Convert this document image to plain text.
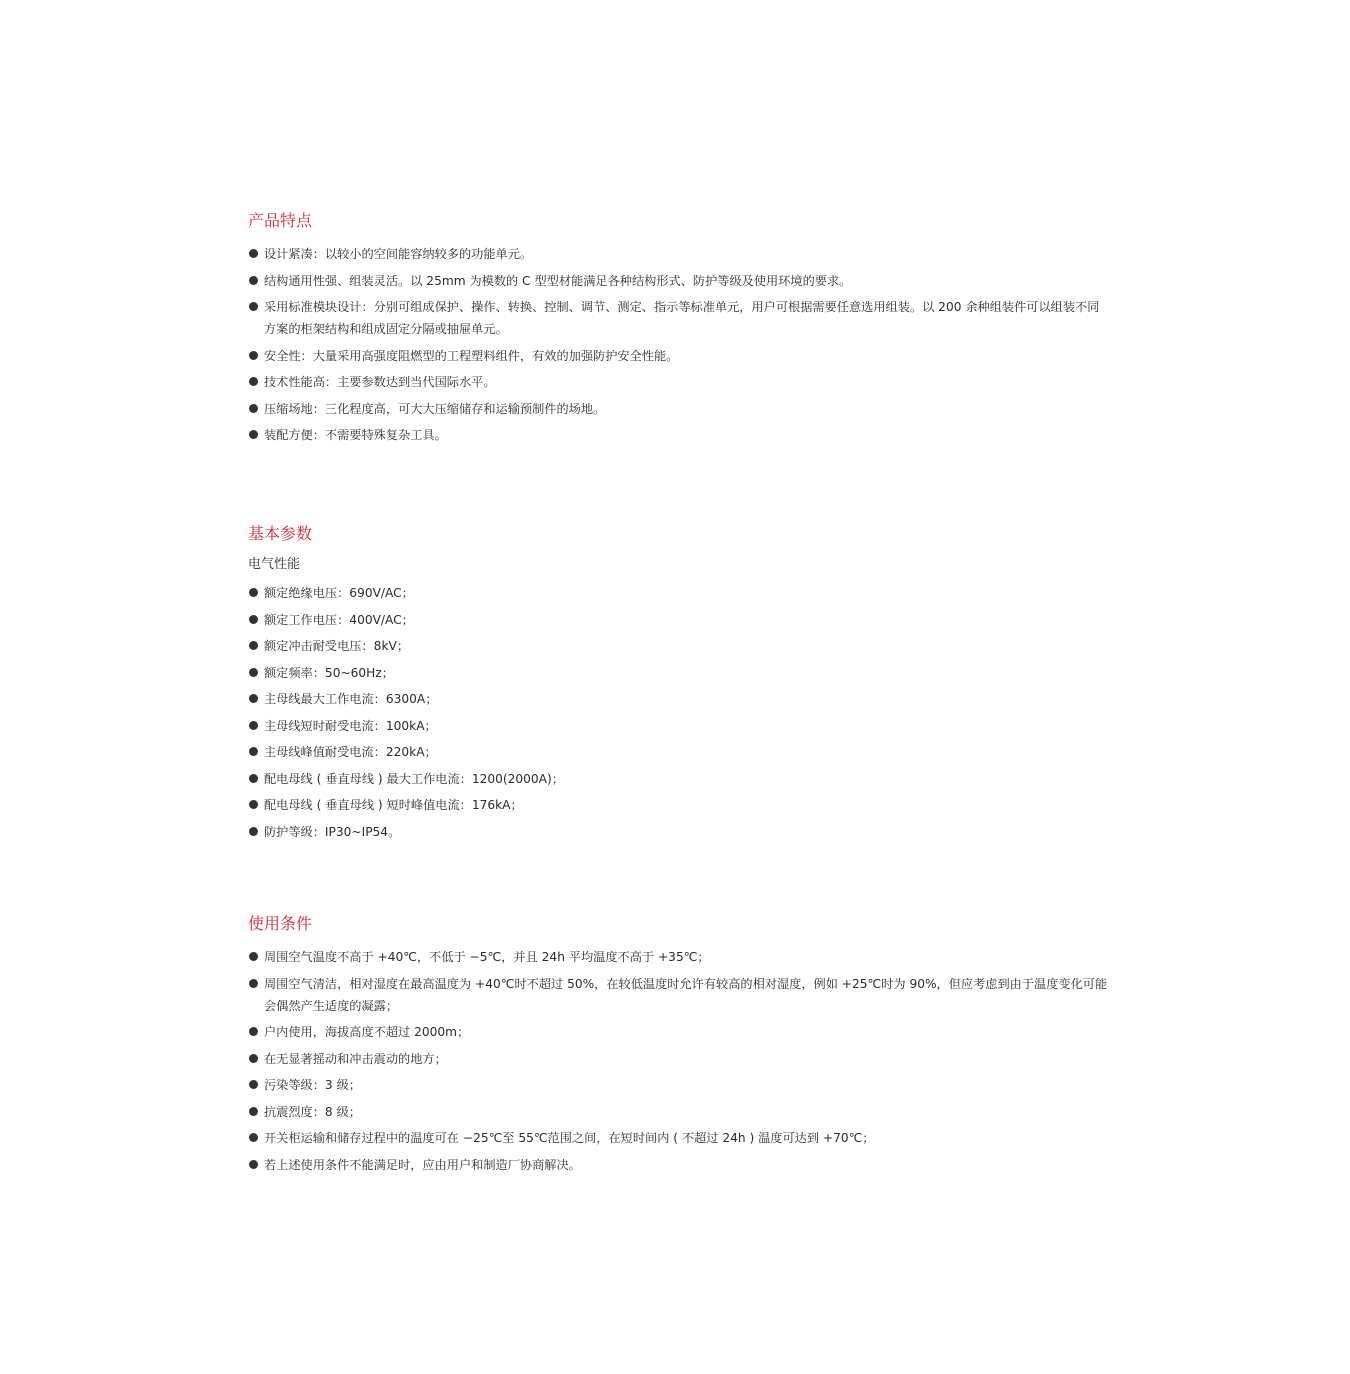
产品特点
设计紧凑：以较小的空间能容纳较多的功能单元。
结构通用性强、组装灵活。以 25mm 为模数的 C 型型材能满足各种结构形式、防护等级及使用环境的要求。
采用标准模块设计：分别可组成保护、操作、转换、控制、调节、测定、指示等标准单元，用户可根据需要任意选用组装。以 200 余种组装件可以组装不同方案的柜架结构和组成固定分隔或抽屉单元。
安全性：大量采用高强度阻燃型的工程塑料组件，有效的加强防护安全性能。
技术性能高：主要参数达到当代国际水平。
压缩场地：三化程度高，可大大压缩储存和运输预制件的场地。
装配方便：不需要特殊复杂工具。
基本参数
电气性能
额定绝缘电压：690V/AC；
额定工作电压：400V/AC；
额定冲击耐受电压：8kV；
额定频率：50~60Hz；
主母线最大工作电流：6300A；
主母线短时耐受电流：100kA；
主母线峰值耐受电流：220kA；
配电母线 ( 垂直母线 ) 最大工作电流：1200(2000A)；
配电母线 ( 垂直母线 ) 短时峰值电流：176kA；
防护等级：IP30~IP54。
使用条件
周围空气温度不高于 +40℃，不低于 −5℃，并且 24h 平均温度不高于 +35℃；
周围空气清洁，相对湿度在最高温度为 +40℃时不超过 50%，在较低温度时允许有较高的相对湿度，例如 +25℃时为 90%，但应考虑到由于温度变化可能会偶然产生适度的凝露；
户内使用，海拔高度不超过 2000m；
在无显著摇动和冲击震动的地方；
污染等级：3 级；
抗震烈度：8 级；
开关柜运输和储存过程中的温度可在 −25℃至 55℃范围之间，在短时间内 ( 不超过 24h ) 温度可达到 +70℃；
若上述使用条件不能满足时，应由用户和制造厂协商解决。
